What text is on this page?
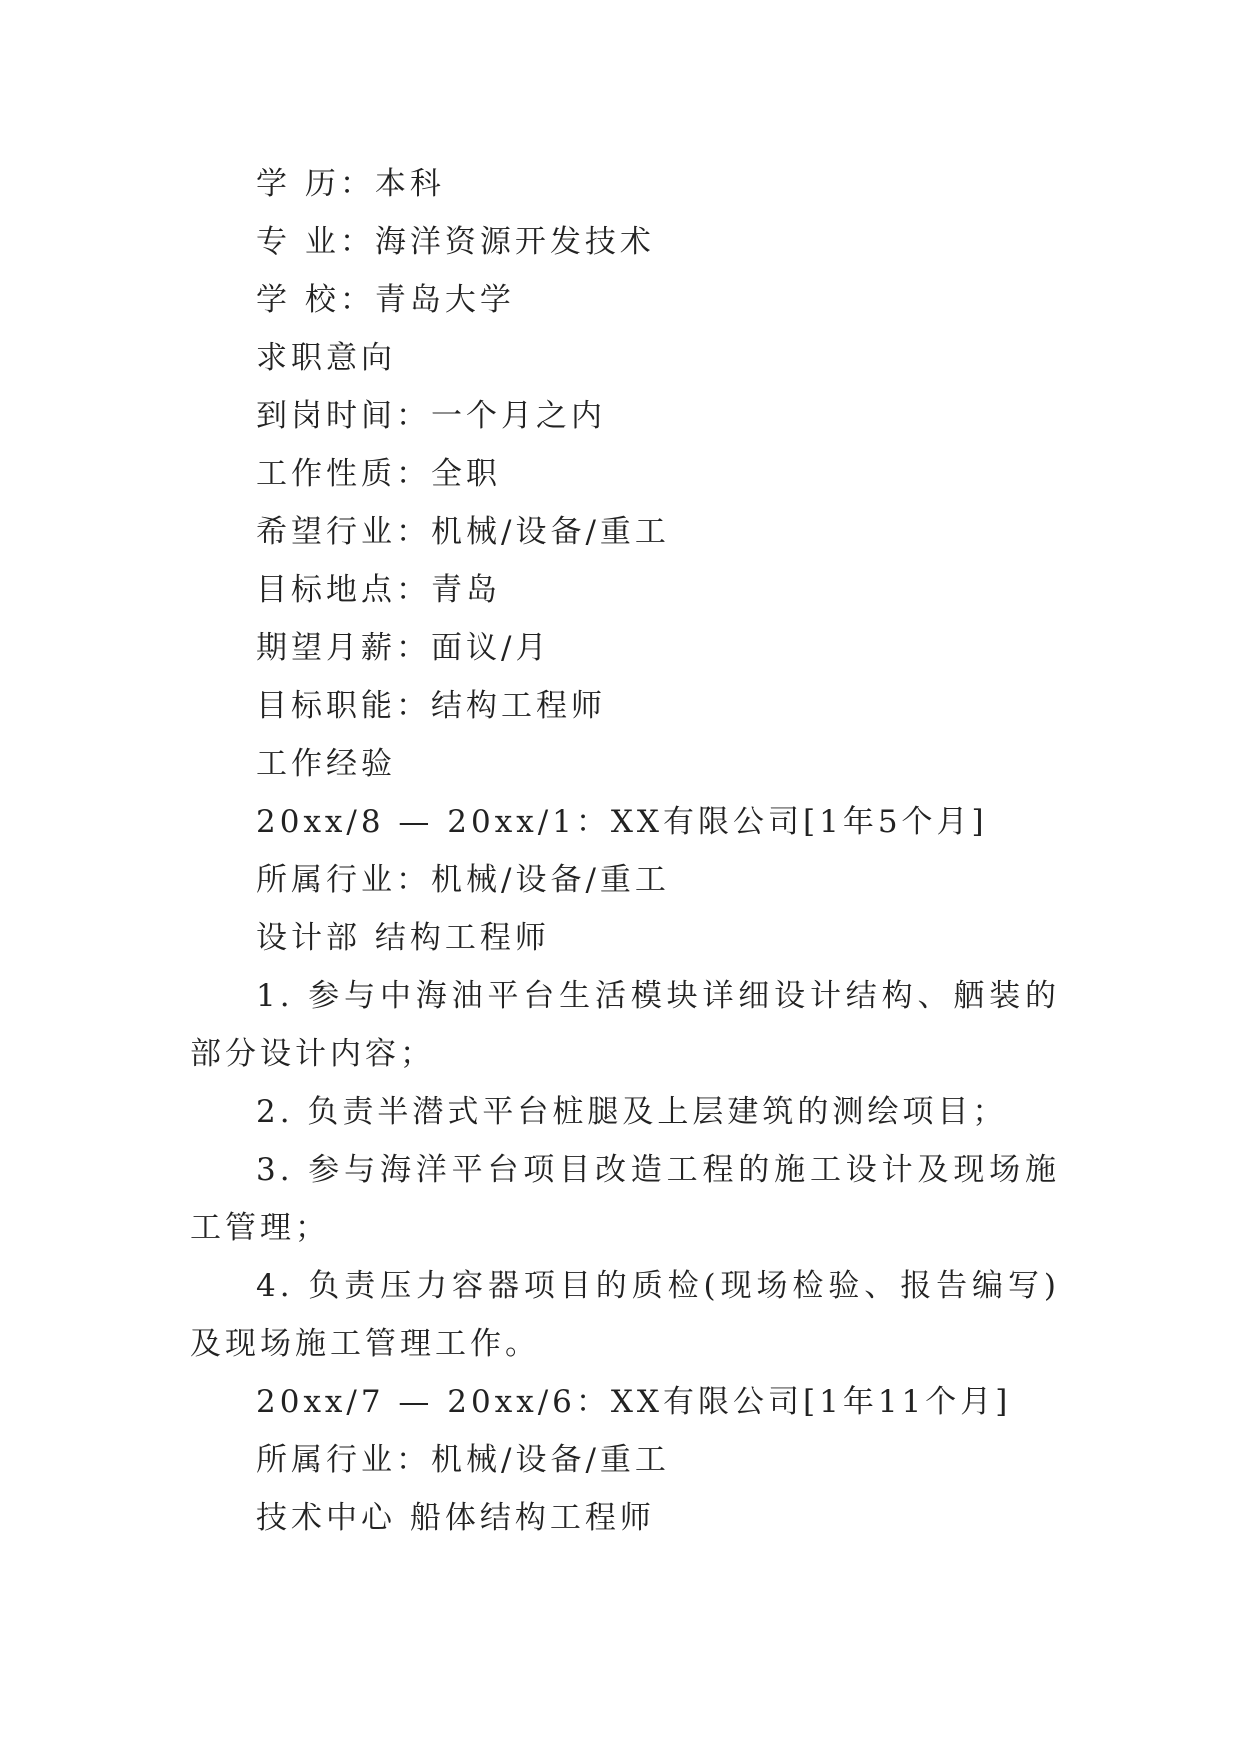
学 历：本科
专 业：海洋资源开发技术
学 校：青岛大学
求职意向
到岗时间：一个月之内
工作性质：全职
希望行业：机械/设备/重工
目标地点：青岛
期望月薪：面议/月
目标职能：结构工程师
工作经验
20xx/8 — 20xx/1：XX有限公司[1年5个月]
所属行业：机械/设备/重工
设计部 结构工程师
1. 参与中海油平台生活模块详细设计结构、舾装的部分设计内容；
2. 负责半潜式平台桩腿及上层建筑的测绘项目；
3. 参与海洋平台项目改造工程的施工设计及现场施工管理；
4. 负责压力容器项目的质检(现场检验、报告编写)及现场施工管理工作。
20xx/7 — 20xx/6：XX有限公司[1年11个月]
所属行业：机械/设备/重工
技术中心 船体结构工程师
